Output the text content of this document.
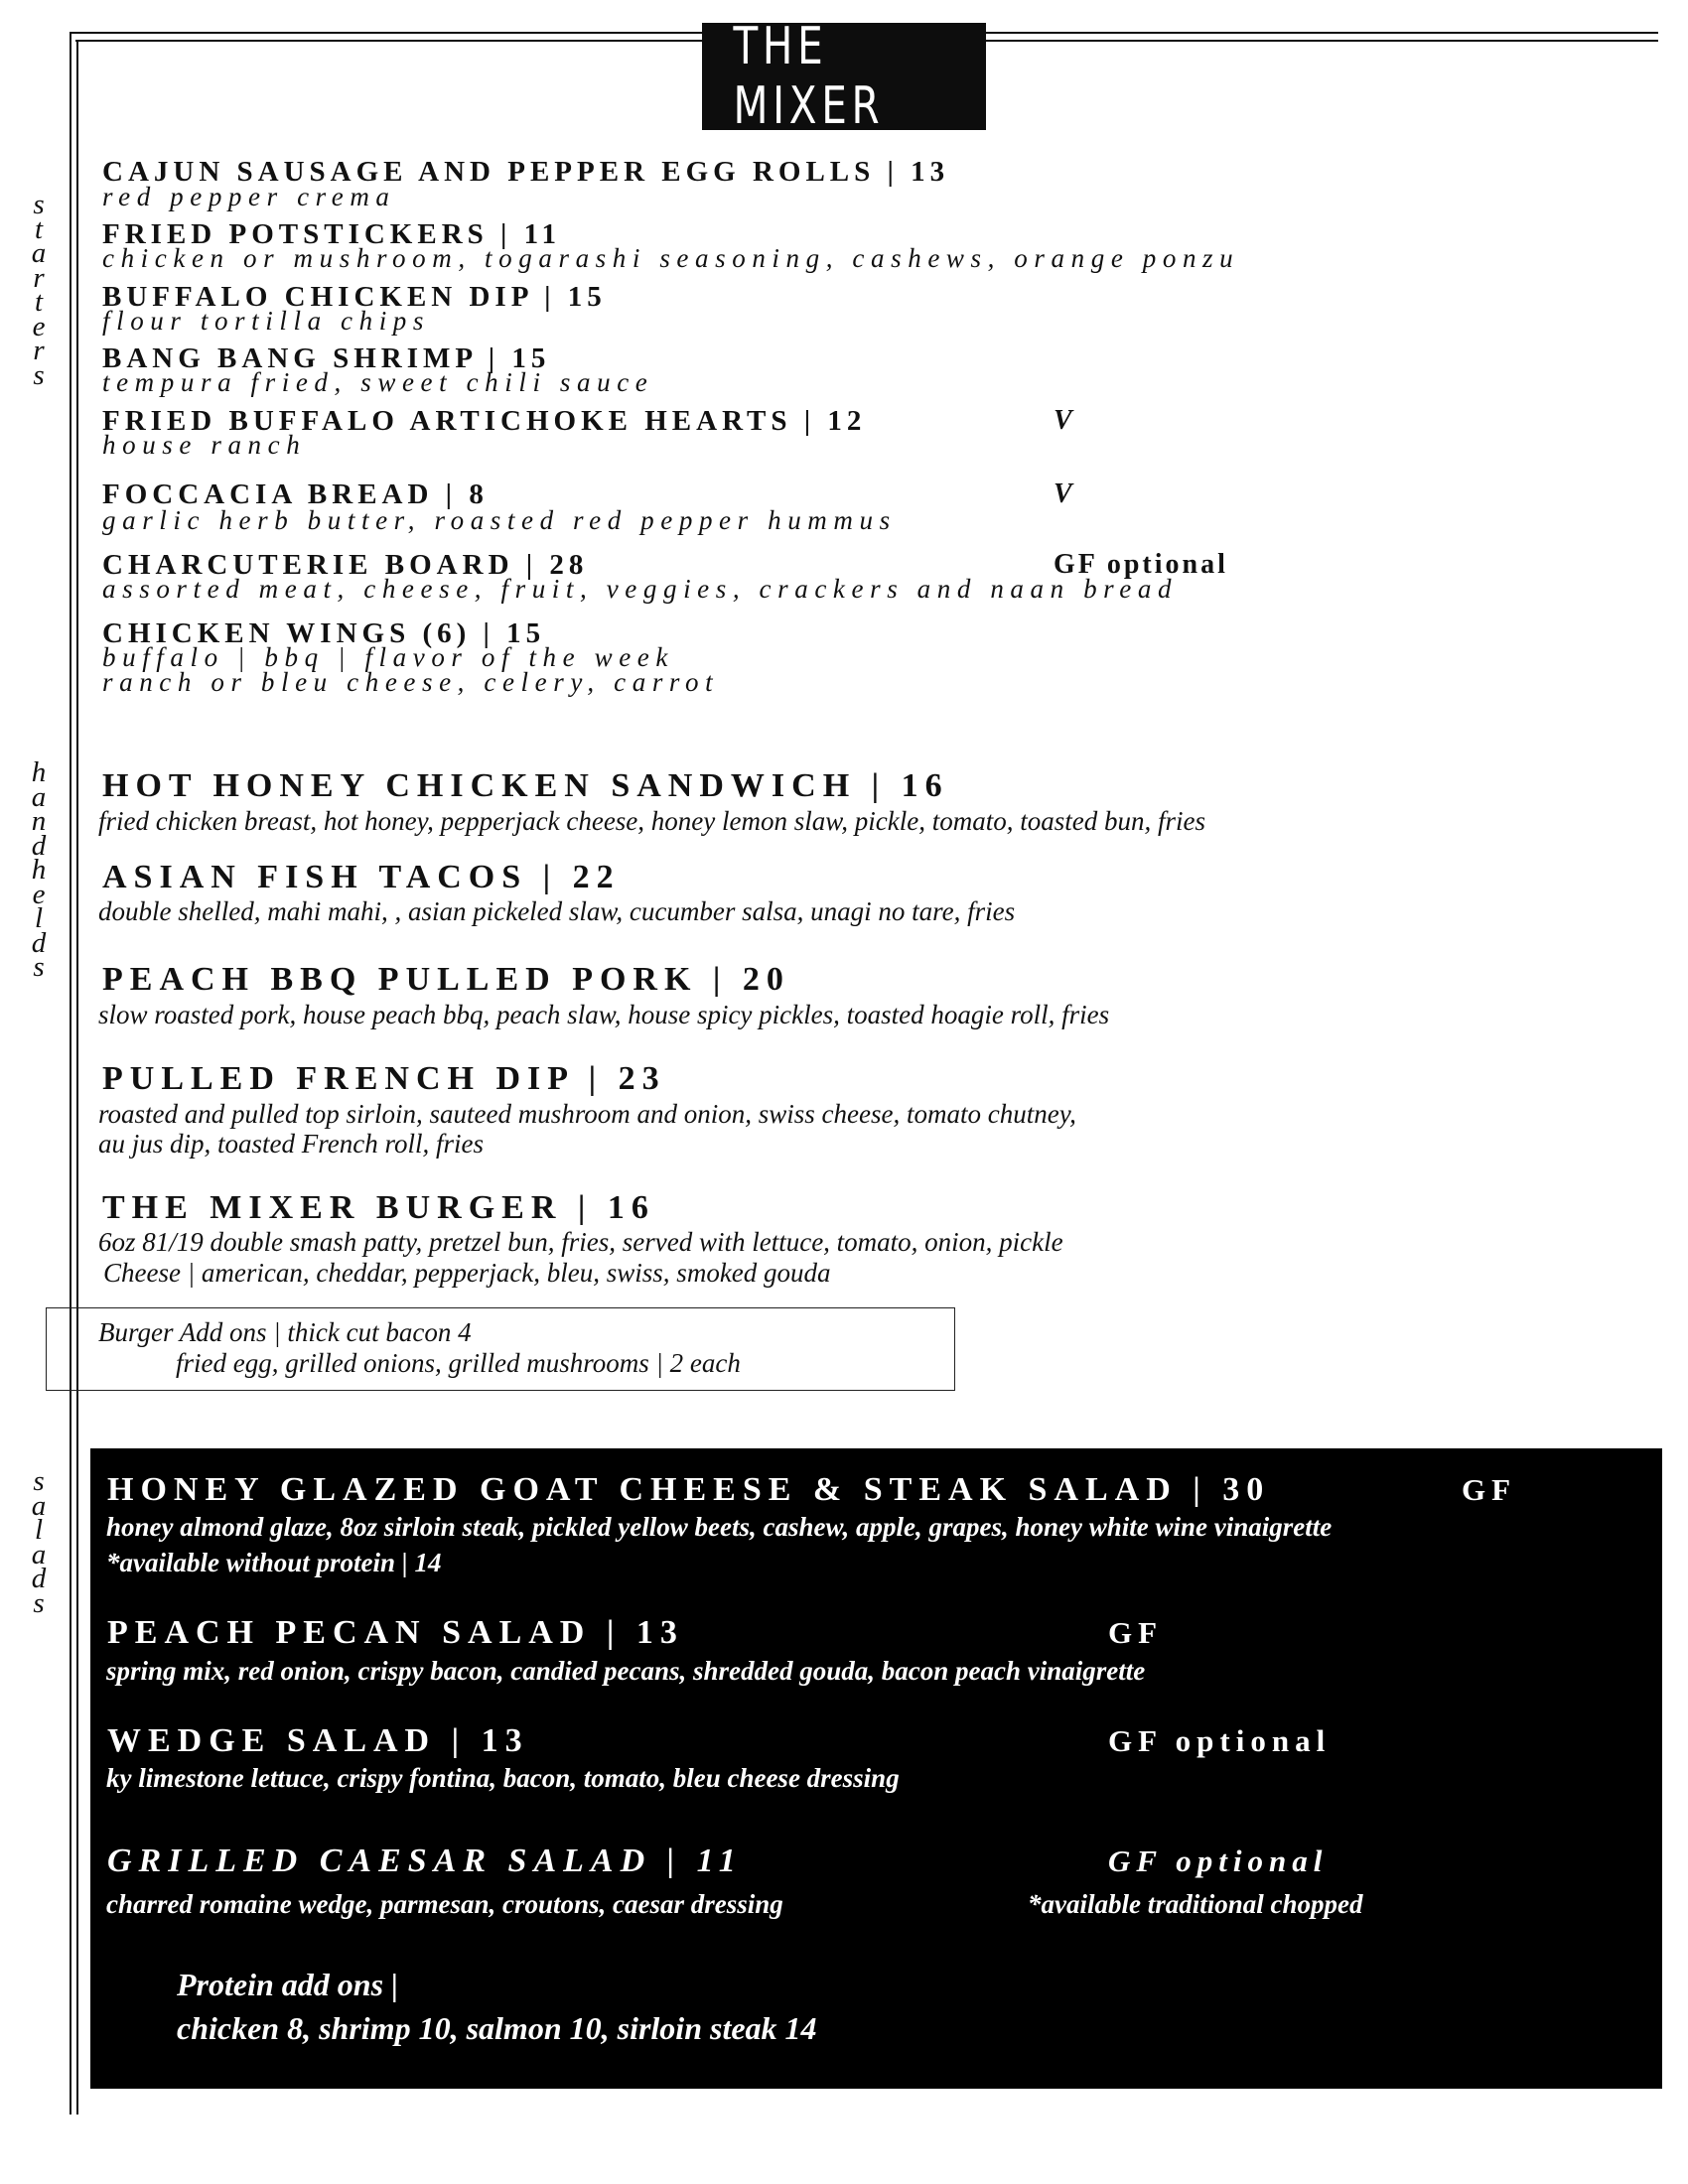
THE MIXER
s
t
a
r
t
e
r
s
h
a
n
d
h
e
l
d
s
s
a
l
a
d
s
CAJUN SAUSAGE AND PEPPER EGG ROLLS | 13
red pepper crema
FRIED POTSTICKERS | 11
chicken or mushroom, togarashi seasoning, cashews, orange ponzu
BUFFALO CHICKEN DIP | 15
flour tortilla chips
BANG BANG SHRIMP | 15
tempura fried, sweet chili sauce
FRIED BUFFALO ARTICHOKE HEARTS | 12	V
house ranch
FOCCACIA BREAD | 8	V
garlic herb butter, roasted red pepper hummus
CHARCUTERIE BOARD | 28	GF optional
assorted meat, cheese, fruit, veggies, crackers and naan bread
CHICKEN WINGS (6) | 15
buffalo | bbq | flavor of the week
ranch or bleu cheese, celery, carrot
HOT HONEY CHICKEN SANDWICH | 16
fried chicken breast, hot honey, pepperjack cheese, honey lemon slaw, pickle, tomato, toasted bun, fries
ASIAN FISH TACOS | 22
double shelled, mahi mahi, , asian pickeled slaw, cucumber salsa, unagi no tare, fries
PEACH BBQ PULLED PORK | 20
slow roasted pork, house peach bbq, peach slaw, house spicy pickles, toasted hoagie roll, fries
PULLED FRENCH DIP | 23
roasted and pulled top sirloin, sauteed mushroom and onion, swiss cheese, tomato chutney,
au jus dip, toasted French roll, fries
THE MIXER BURGER | 16
6oz 81/19 double smash patty, pretzel bun, fries, served with lettuce, tomato, onion, pickle
Cheese | american, cheddar, pepperjack, bleu, swiss, smoked gouda
Burger Add ons | thick cut bacon 4
fried egg, grilled onions, grilled mushrooms | 2 each
HONEY GLAZED GOAT CHEESE & STEAK SALAD | 30	GF
honey almond glaze, 8oz sirloin steak, pickled yellow beets, cashew, apple, grapes, honey white wine vinaigrette
*available without protein | 14
PEACH PECAN SALAD | 13	GF
spring mix, red onion, crispy bacon, candied pecans, shredded gouda, bacon peach vinaigrette
WEDGE SALAD | 13	GF optional
ky limestone lettuce, crispy fontina, bacon, tomato, bleu cheese dressing
GRILLED CAESAR SALAD | 11	GF optional
charred romaine wedge, parmesan, croutons, caesar dressing	*available traditional chopped
Protein add ons |
chicken 8, shrimp 10, salmon 10, sirloin steak 14
